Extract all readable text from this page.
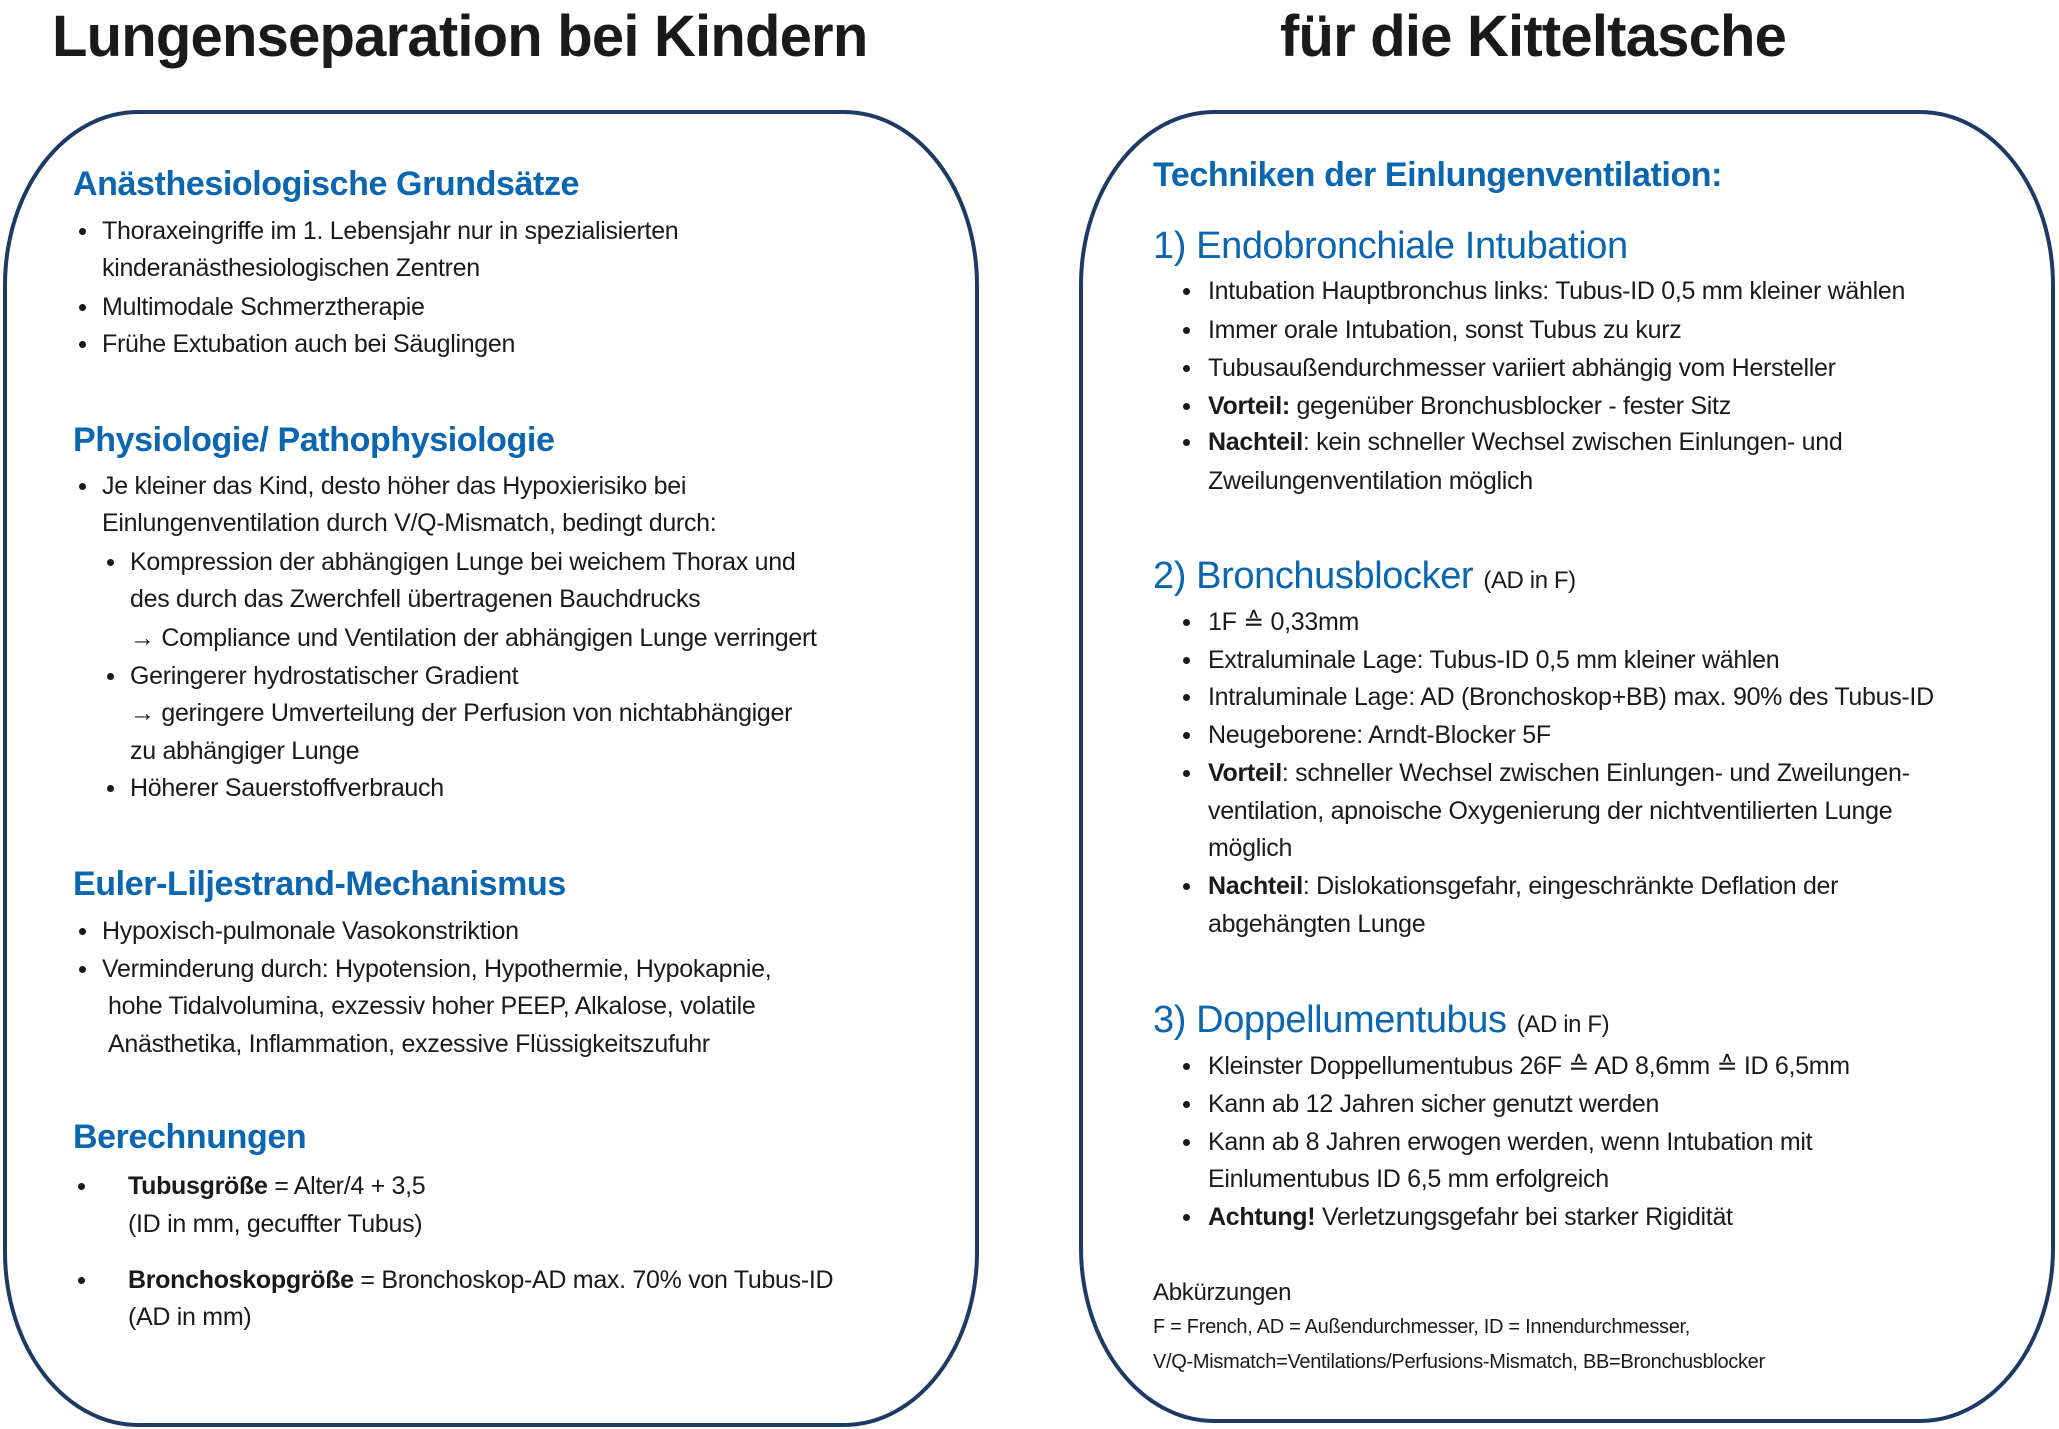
Lungenseparation bei Kindern	für die Kitteltasche
Anästhesiologische Grundsätze
Thoraxeingriffe im 1. Lebensjahr nur in spezialisierten
kinderanästhesiologischen Zentren
Multimodale Schmerztherapie
Frühe Extubation auch bei Säuglingen
Physiologie/ Pathophysiologie
Je kleiner das Kind, desto höher das Hypoxierisiko bei
Einlungenventilation durch V/Q-Mismatch, bedingt durch:
Kompression der abhängigen Lunge bei weichem Thorax und
des durch das Zwerchfell übertragenen Bauchdrucks
→ Compliance und Ventilation der abhängigen Lunge verringert
Geringerer hydrostatischer Gradient
→ geringere Umverteilung der Perfusion von nichtabhängiger
zu abhängiger Lunge
Höherer Sauerstoffverbrauch
Euler-Liljestrand-Mechanismus
Hypoxisch-pulmonale Vasokonstriktion
Verminderung durch: Hypotension, Hypothermie, Hypokapnie,
hohe Tidalvolumina, exzessiv hoher PEEP, Alkalose, volatile
Anästhetika, Inflammation, exzessive Flüssigkeitszufuhr
Berechnungen
Tubusgröße = Alter/4 + 3,5
(ID in mm, gecuffter Tubus)
Bronchoskopgröße = Bronchoskop-AD max. 70% von Tubus-ID
(AD in mm)
Techniken der Einlungenventilation:
1) Endobronchiale Intubation
Intubation Hauptbronchus links: Tubus-ID 0,5 mm kleiner wählen
Immer orale Intubation, sonst Tubus zu kurz
Tubusaußendurchmesser variiert abhängig vom Hersteller
Vorteil: gegenüber Bronchusblocker - fester Sitz
Nachteil: kein schneller Wechsel zwischen Einlungen- und
Zweilungenventilation möglich
2) Bronchusblocker (AD in F)
1F ≙ 0,33mm
Extraluminale Lage: Tubus-ID 0,5 mm kleiner wählen
Intraluminale Lage: AD (Bronchoskop+BB) max. 90% des Tubus-ID
Neugeborene: Arndt-Blocker 5F
Vorteil: schneller Wechsel zwischen Einlungen- und Zweilungen-
ventilation, apnoische Oxygenierung der nichtventilierten Lunge
möglich
Nachteil: Dislokationsgefahr, eingeschränkte Deflation der
abgehängten Lunge
3) Doppellumentubus (AD in F)
Kleinster Doppellumentubus 26F ≙ AD 8,6mm ≙ ID 6,5mm
Kann ab 12 Jahren sicher genutzt werden
Kann ab 8 Jahren erwogen werden, wenn Intubation mit
Einlumentubus ID 6,5 mm erfolgreich
Achtung! Verletzungsgefahr bei starker Rigidität
Abkürzungen
F = French, AD = Außendurchmesser, ID = Innendurchmesser,
V/Q-Mismatch=Ventilations/Perfusions-Mismatch, BB=Bronchusblocker
